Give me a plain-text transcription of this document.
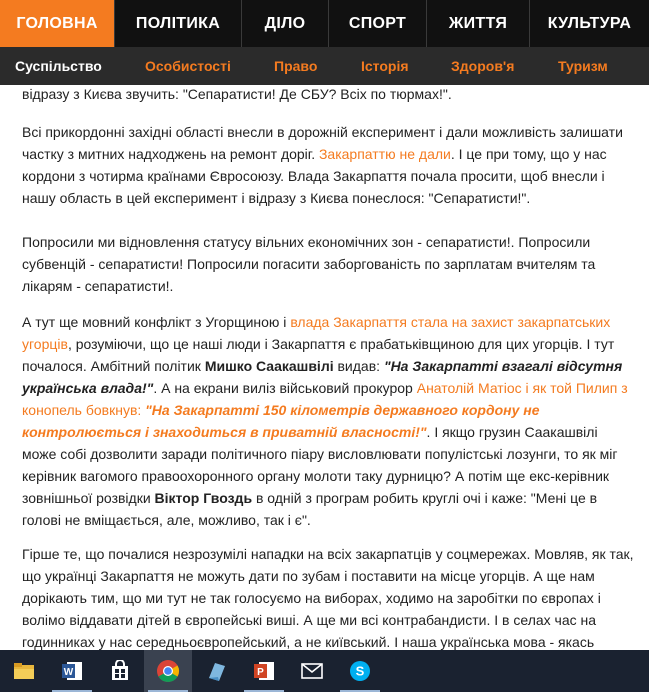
ГОЛОВНА	ПОЛІТИКА	ДІЛО	СПОРТ	ЖИТТЯ	КУЛЬТУРА
Суспільство	Особистості	Право	Історія	Здоров'я	Туризм

відразу з Києва звучить: "Сепаратисти! Де СБУ? Всіх по тюрмах!".

Всі прикордонні західні області внесли в дорожній експеримент і дали можливість залишати частку з митних надходжень на ремонт доріг. Закарпаттю не дали. І це при тому, що у нас кордони з чотирма країнами Євросоюзу. Влада Закарпаття почала просити, щоб внесли і нашу область в цей експеримент і відразу з Києва понеслося: "Сепаратисти!".

Попросили ми відновлення статусу вільних економічних зон - сепаратисти!. Попросили субвенцій - сепаратисти! Попросили погасити заборгованість по зарплатам вчителям та лікарям - сепаратисти!.

А тут ще мовний конфлікт з Угорщиною і влада Закарпаття стала на захист закарпатських угорців, розуміючи, що це наші люди і Закарпаття є прабатьківщиною для цих угорців. І тут почалося. Амбітний політик Мишко Саакашвілі видав: "На Закарпатті взагалі відсутня українська влада!". А на екрани виліз військовий прокурор Анатолій Матіос і як той Пилип з конопель бовкнув: "На Закарпатті 150 кілометрів державного кордону не контролюється і знаходиться в приватній власності!". І якщо грузин Саакашвілі може собі дозволити заради політичного піару висловлювати популістські лозунги, то як міг керівник вагомого правоохоронного органу молоти таку дурницю? А потім ще екс-керівник зовнішньої розвідки Віктор Гвоздь в одній з програм робить круглі очі і каже: "Мені це в голові не вміщається, але, можливо, так і є".

Гірше те, що почалися незрозумілі нападки на всіх закарпатців у соцмережах. Мовляв, як так, що українці Закарпаття не можуть дати по зубам і поставити на місце угорців. А ще нам дорікають тим, що ми тут не так голосуємо на виборах, ходимо на заробітки по європах і волімо віддавати дітей в європейські виші. А ще ми всі контрабандисти. І в селах час на годинниках у нас середньоєвропейський, а не київський. І наша українська мова - якась

W	P	S
